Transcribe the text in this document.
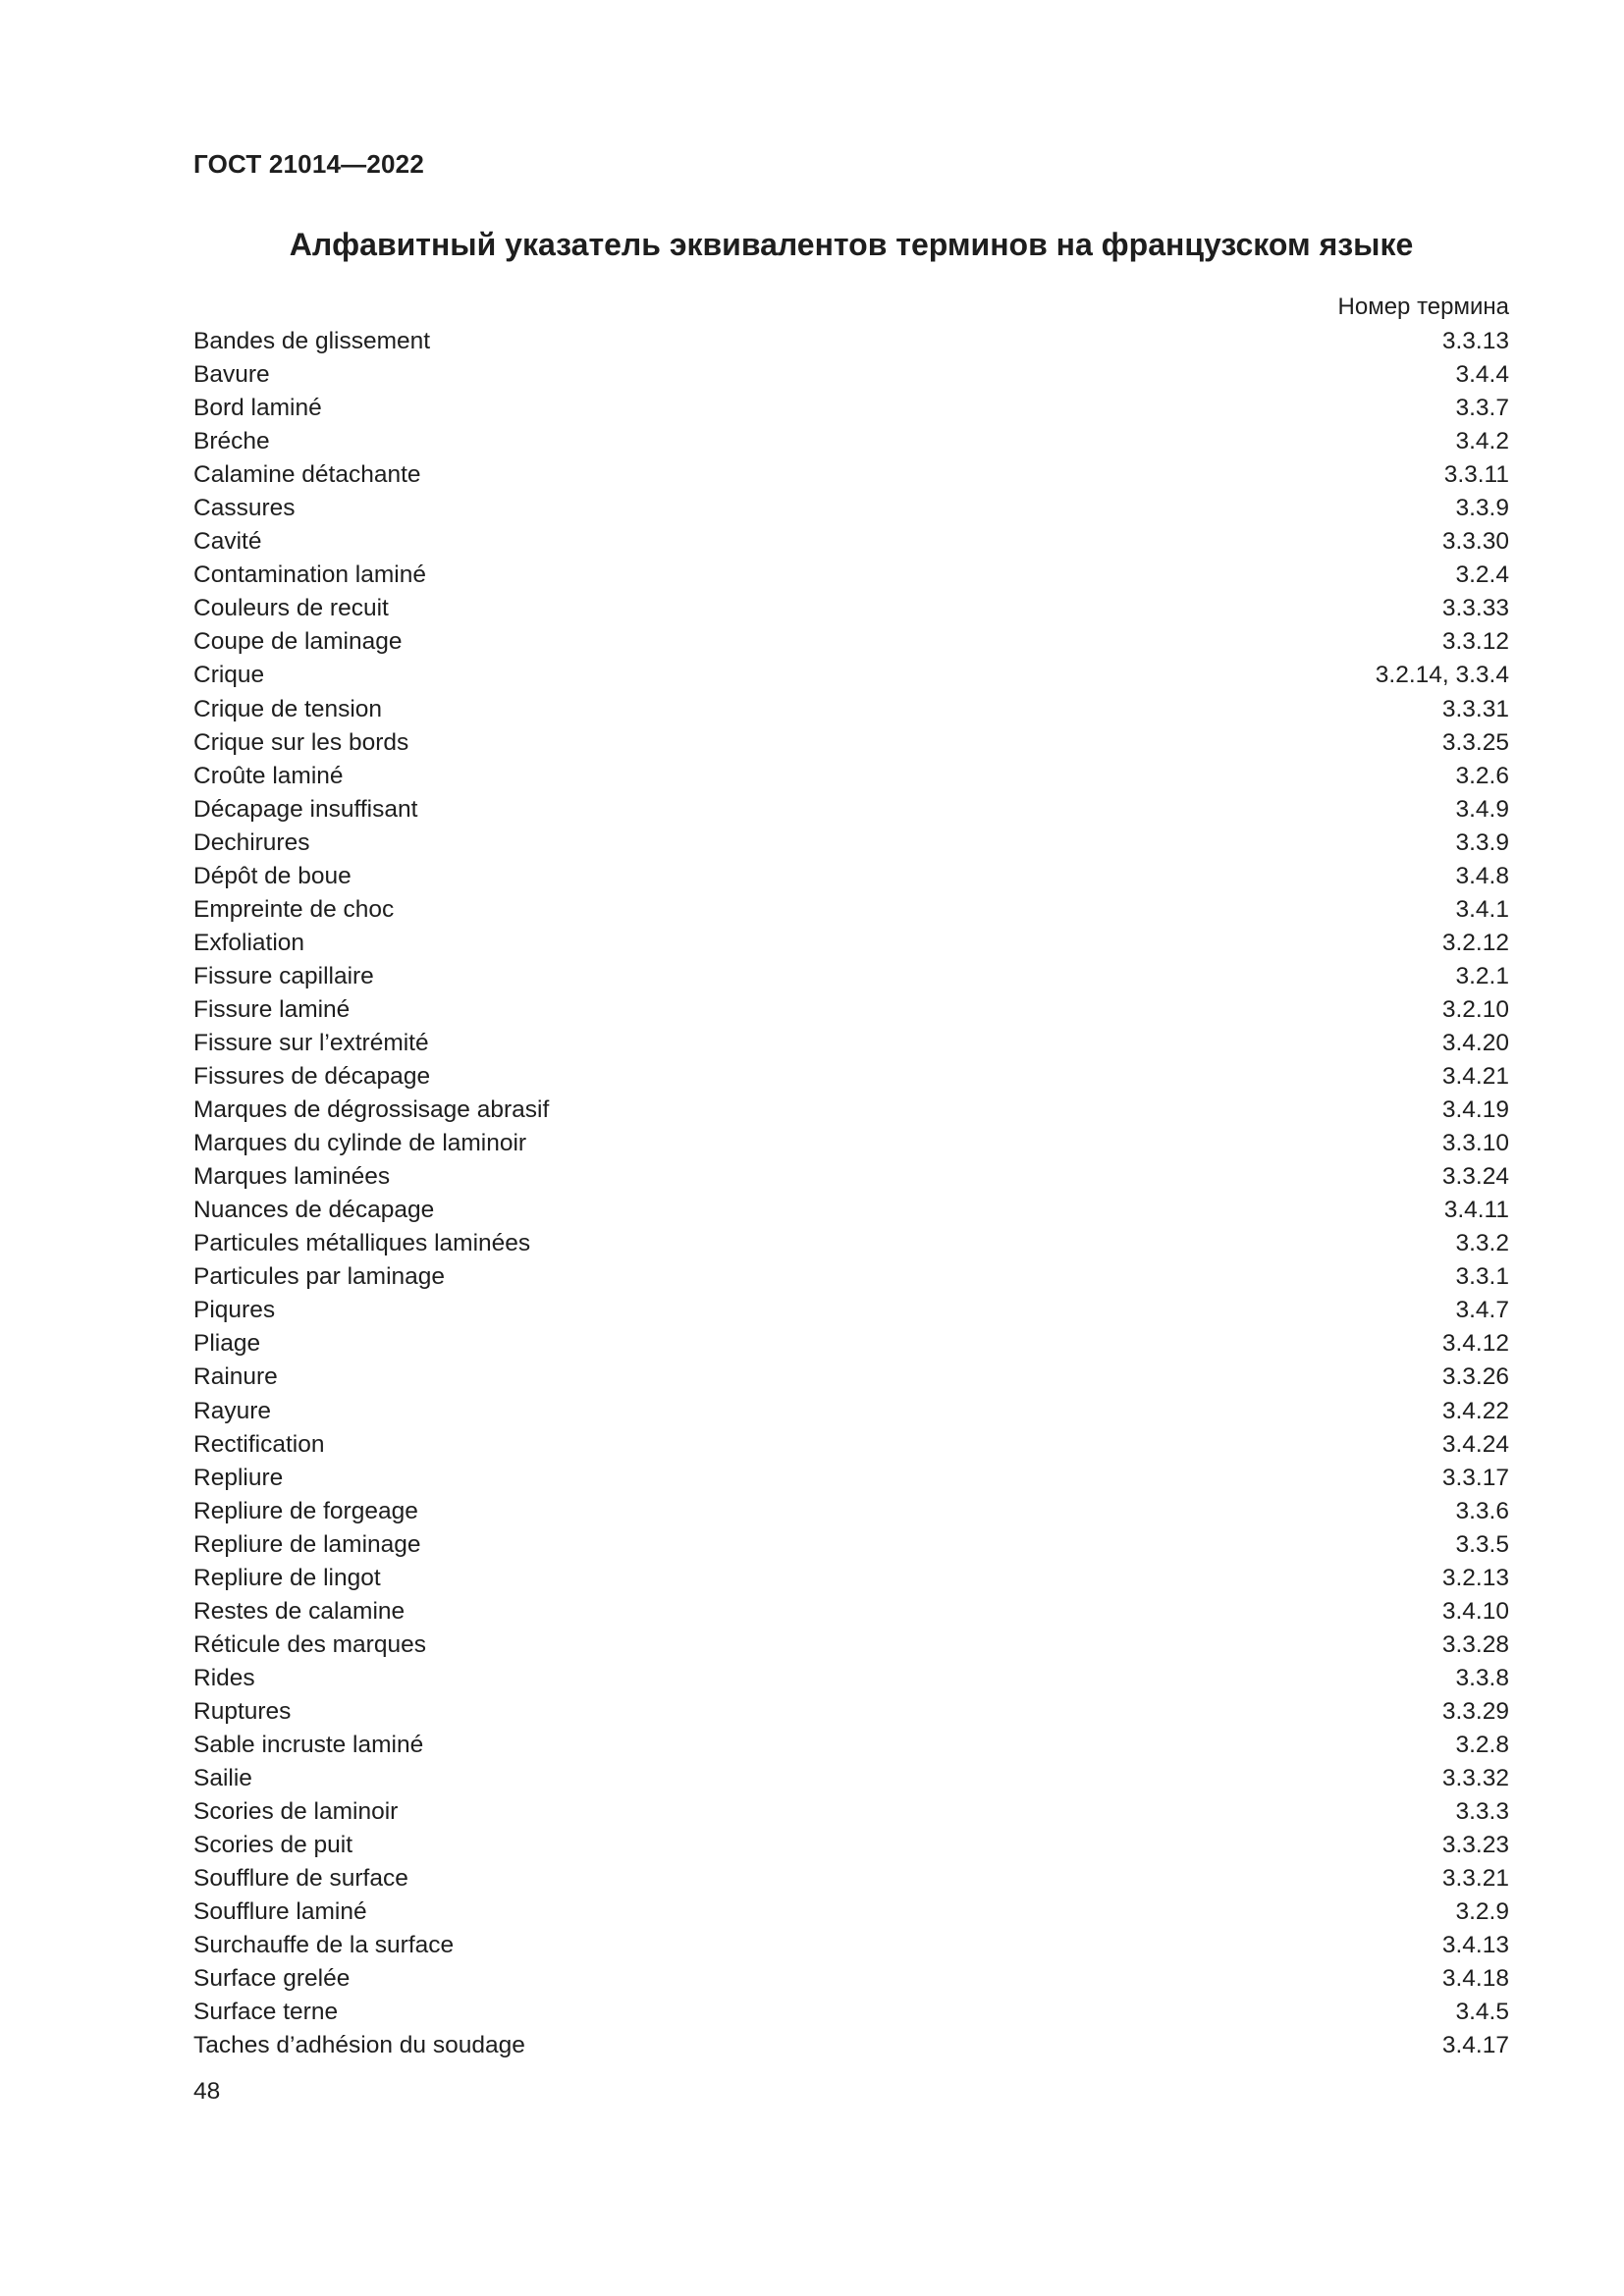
ГОСТ 21014—2022
Алфавитный указатель эквивалентов терминов на французском языке
Номер термина
Bandes de glissement	3.3.13
Bavure	3.4.4
Bord laminé	3.3.7
Bréche	3.4.2
Calamine détachante	3.3.11
Cassures	3.3.9
Cavité	3.3.30
Contamination laminé	3.2.4
Couleurs de recuit	3.3.33
Coupe de laminage	3.3.12
Crique	3.2.14, 3.3.4
Crique de tension	3.3.31
Crique sur les bords	3.3.25
Croûte laminé	3.2.6
Décapage insuffisant	3.4.9
Dechirures	3.3.9
Dépôt de boue	3.4.8
Empreinte de choc	3.4.1
Exfoliation	3.2.12
Fissure capillaire	3.2.1
Fissure laminé	3.2.10
Fissure sur l’extrémité	3.4.20
Fissures de décapage	3.4.21
Marques de dégrossisage abrasif	3.4.19
Marques du cylinde de laminoir	3.3.10
Marques laminées	3.3.24
Nuances de décapage	3.4.11
Particules métalliques laminées	3.3.2
Particules par laminage	3.3.1
Piqures	3.4.7
Pliage	3.4.12
Rainure	3.3.26
Rayure	3.4.22
Rectification	3.4.24
Repliure	3.3.17
Repliure de forgeage	3.3.6
Repliure de laminage	3.3.5
Repliure de lingot	3.2.13
Restes de calamine	3.4.10
Réticule des marques	3.3.28
Rides	3.3.8
Ruptures	3.3.29
Sable incruste laminé	3.2.8
Sailie	3.3.32
Scories de laminoir	3.3.3
Scories de puit	3.3.23
Soufflure de surface	3.3.21
Soufflure laminé	3.2.9
Surchauffe de la surface	3.4.13
Surface grelée	3.4.18
Surface terne	3.4.5
Taches d’adhésion du soudage	3.4.17
48
